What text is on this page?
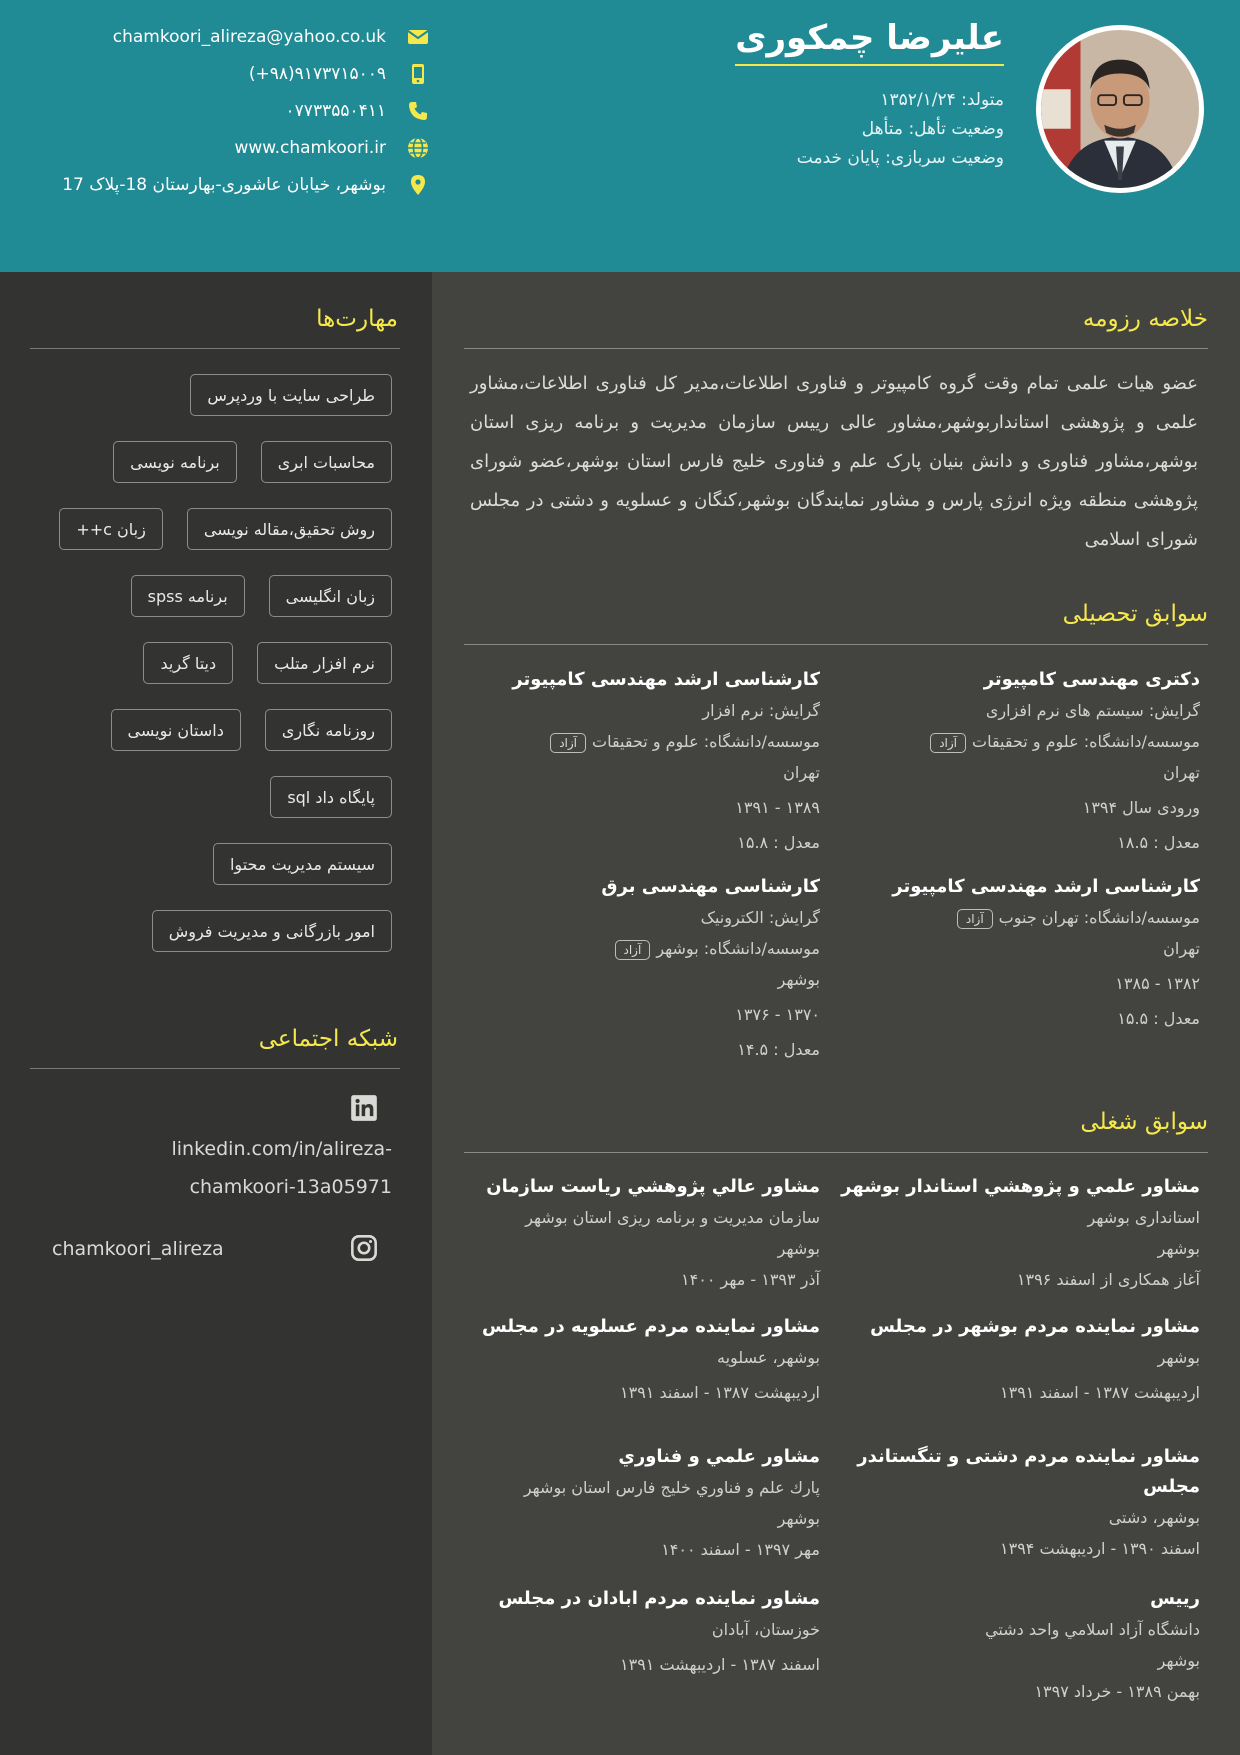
علیرضا چمکوری
متولد: ۱۳۵۲/۱/۲۴
وضعیت تأهل: متأهل
وضعیت سربازی: پایان خدمت
chamkoori_alireza@yahoo.co.uk
(+۹۸)۹۱۷۳۷۱۵۰۰۹
۰۷۷۳۳۵۵۰۴۱۱
www.chamkoori.ir
بوشهر، خیابان عاشوری-بهارستان 18-پلاک 17
مهارت‌ها
طراحی سایت با وردپرس
محاسبات ابری
برنامه نویسی
روش تحقیق،مقاله نویسی
زبان c++
زبان انگلیسی
برنامه spss
نرم افزار متلب
دیتا گرید
روزنامه نگاری
داستان نویسی
پایگاه داد sql
سیستم مدیریت محتوا
امور بازرگانی و مدیریت فروش
شبکه اجتماعی
linkedin.com/in/alireza-
chamkoori-13a05971
chamkoori_alireza
خلاصه رزومه
عضو هیات علمی تمام وقت گروه کامپیوتر و فناوری اطلاعات،مدیر کل فناوری اطلاعات،مشاور علمی و پژوهشی استانداربوشهر،مشاور عالی رییس سازمان مدیریت و برنامه ریزی استان بوشهر،مشاور فناوری و دانش بنیان پارک علم و فناوری خلیج فارس استان بوشهر،عضو شورای پژوهشی منطقه ویژه انرژی پارس و مشاور نمایندگان بوشهر،کنگان و عسلویه و دشتی در مجلس شورای اسلامی
سوابق تحصیلی
دکتری مهندسی کامپیوتر
گرایش: سیستم های نرم افزاری
موسسه/دانشگاه: علوم و تحقیقاتآزاد
تهران
ورودی سال ۱۳۹۴
معدل : ۱۸.۵
کارشناسی ارشد مهندسی کامپیوتر
گرایش: نرم افزار
موسسه/دانشگاه: علوم و تحقیقاتآزاد
تهران
۱۳۸۹ - ۱۳۹۱
معدل : ۱۵.۸
کارشناسی ارشد مهندسی کامپیوتر
موسسه/دانشگاه: تهران جنوبآزاد
تهران
۱۳۸۲ - ۱۳۸۵
معدل : ۱۵.۵
کارشناسی مهندسی برق
گرایش: الکترونیک
موسسه/دانشگاه: بوشهرآزاد
بوشهر
۱۳۷۰ - ۱۳۷۶
معدل : ۱۴.۵
سوابق شغلی
مشاور علمي و پژوهشي استاندار بوشهر
استانداری بوشهر
بوشهر
آغاز همکاری از اسفند ۱۳۹۶
مشاور عالي پژوهشي رياست سازمان
سازمان مدیریت و برنامه ریزی استان بوشهر
بوشهر
آذر ۱۳۹۳ - مهر ۱۴۰۰
مشاور نماینده مردم بوشهر در مجلس
بوشهر
اردیبهشت ۱۳۸۷ - اسفند ۱۳۹۱
مشاور نماینده مردم عسلویه در مجلس
بوشهر، عسلویه
اردیبهشت ۱۳۸۷ - اسفند ۱۳۹۱
مشاور نماینده مردم دشتی و تنگستاندر
مجلس
بوشهر، دشتی
اسفند ۱۳۹۰ - اردیبهشت ۱۳۹۴
مشاور علمي و فناوري
پارك علم و فناوري خليج فارس استان بوشهر
بوشهر
مهر ۱۳۹۷ - اسفند ۱۴۰۰
رییس
دانشگاه آزاد اسلامي واحد دشتي
بوشهر
بهمن ۱۳۸۹ - خرداد ۱۳۹۷
مشاور نماینده مردم ابادان در مجلس
خوزستان، آبادان
اسفند ۱۳۸۷ - اردیبهشت ۱۳۹۱
